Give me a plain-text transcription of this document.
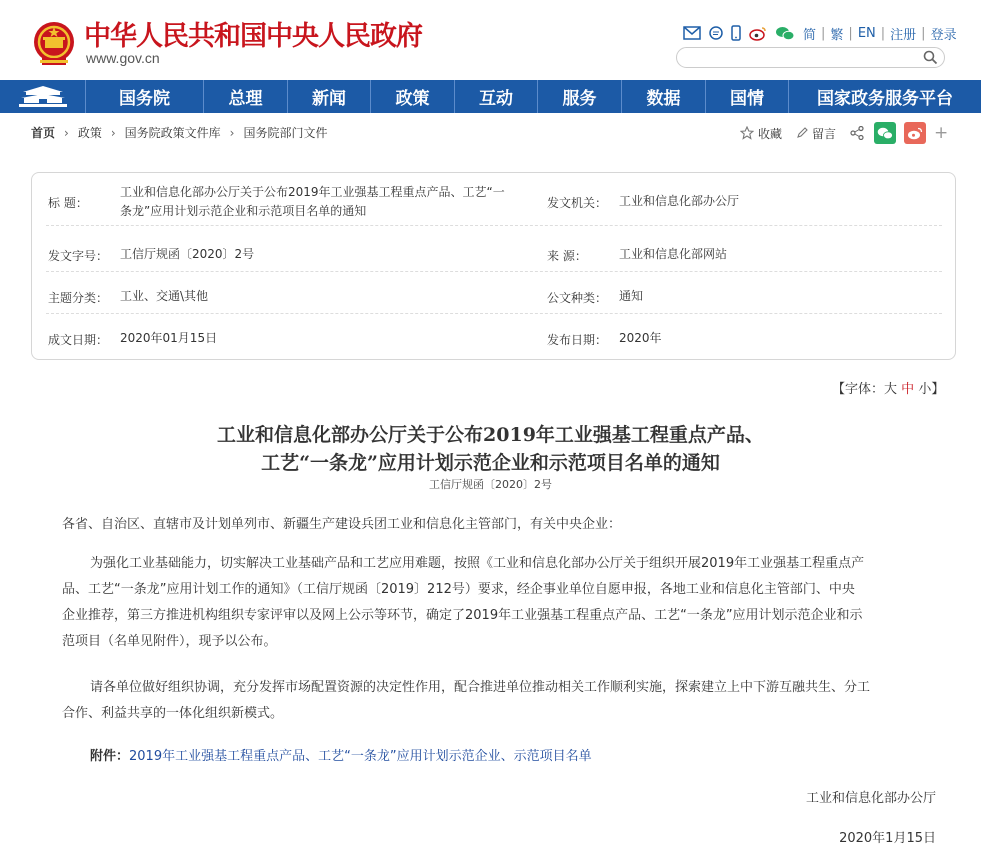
中华人民共和国中央人民政府
www.gov.cn
简 | 繁 | EN | 注册 | 登录
国务院	总理	新闻	政策	互动	服务	数据	国情	国家政务服务平台
首页 › 政策 › 国务院政策文件库 › 国务院部门文件	收藏	留言	+
标 题：
工业和信息化部办公厅关于公布2019年工业强基工程重点产品、工艺“一
条龙”应用计划示范企业和示范项目名单的通知
发文机关： 工业和信息化部办公厅
发文字号： 工信厅规函〔2020〕2号	来 源：	工业和信息化部网站
主题分类： 工业、交通\其他	公文种类： 通知
成文日期： 2020年01月15日	发布日期： 2020年
【字体：大 中 小】
工业和信息化部办公厅关于公布2019年工业强基工程重点产品、
工艺“一条龙”应用计划示范企业和示范项目名单的通知
工信厅规函〔2020〕2号
各省、自治区、直辖市及计划单列市、新疆生产建设兵团工业和信息化主管部门，有关中央企业：
为强化工业基础能力，切实解决工业基础产品和工艺应用难题，按照《工业和信息化部办公厅关于组织开展2019年工业强基工程重点产
品、工艺“一条龙”应用计划工作的通知》（工信厅规函〔2019〕212号）要求，经企事业单位自愿申报，各地工业和信息化主管部门、中央
企业推荐，第三方推进机构组织专家评审以及网上公示等环节，确定了2019年工业强基工程重点产品、工艺“一条龙”应用计划示范企业和示
范项目（名单见附件），现予以公布。
请各单位做好组织协调，充分发挥市场配置资源的决定性作用，配合推进单位推动相关工作顺利实施，探索建立上中下游互融共生、分工
合作、利益共享的一体化组织新模式。
附件：2019年工业强基工程重点产品、工艺“一条龙”应用计划示范企业、示范项目名单
工业和信息化部办公厅
2020年1月15日
